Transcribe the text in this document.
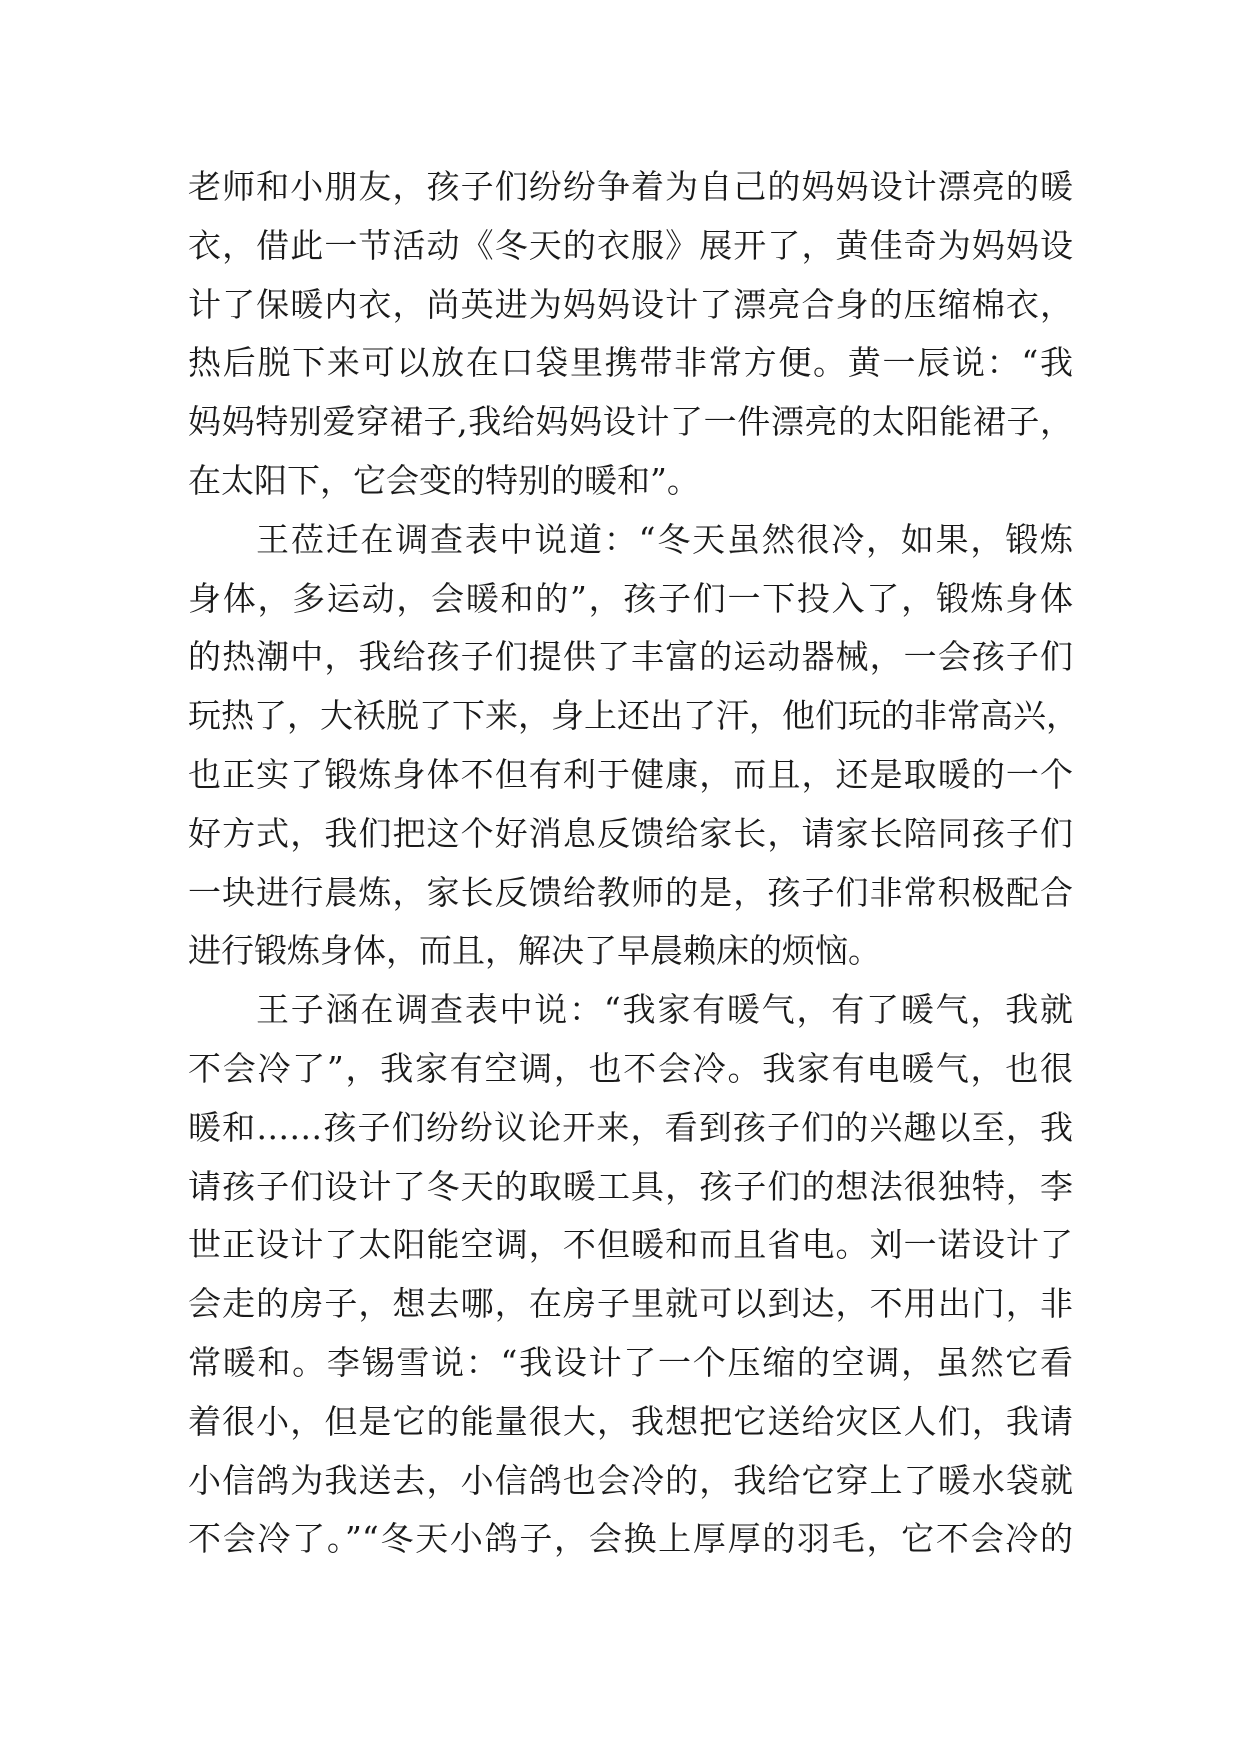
老师和小朋友，孩子们纷纷争着为自己的妈妈设计漂亮的暖
衣，借此一节活动《冬天的衣服》展开了，黄佳奇为妈妈设
计了保暖内衣，尚英进为妈妈设计了漂亮合身的压缩棉衣，
热后脱下来可以放在口袋里携带非常方便。黄一辰说：“我
妈妈特别爱穿裙子,我给妈妈设计了一件漂亮的太阳能裙子，
在太阳下，它会变的特别的暖和”。
王莅迁在调查表中说道：“冬天虽然很冷，如果，锻炼
身体，多运动，会暖和的”，孩子们一下投入了，锻炼身体
的热潮中，我给孩子们提供了丰富的运动器械，一会孩子们
玩热了，大袄脱了下来，身上还出了汗，他们玩的非常高兴，
也正实了锻炼身体不但有利于健康，而且，还是取暖的一个
好方式，我们把这个好消息反馈给家长，请家长陪同孩子们
一块进行晨炼，家长反馈给教师的是，孩子们非常积极配合
进行锻炼身体，而且，解决了早晨赖床的烦恼。
王子涵在调查表中说：“我家有暖气，有了暖气，我就
不会冷了”，我家有空调，也不会冷。我家有电暖气，也很
暖和……孩子们纷纷议论开来，看到孩子们的兴趣以至，我
请孩子们设计了冬天的取暖工具，孩子们的想法很独特，李
世正设计了太阳能空调，不但暖和而且省电。刘一诺设计了
会走的房子，想去哪，在房子里就可以到达，不用出门，非
常暖和。李锡雪说：“我设计了一个压缩的空调，虽然它看
着很小，但是它的能量很大，我想把它送给灾区人们，我请
小信鸽为我送去，小信鸽也会冷的，我给它穿上了暖水袋就
不会冷了。”“冬天小鸽子，会换上厚厚的羽毛，它不会冷的
